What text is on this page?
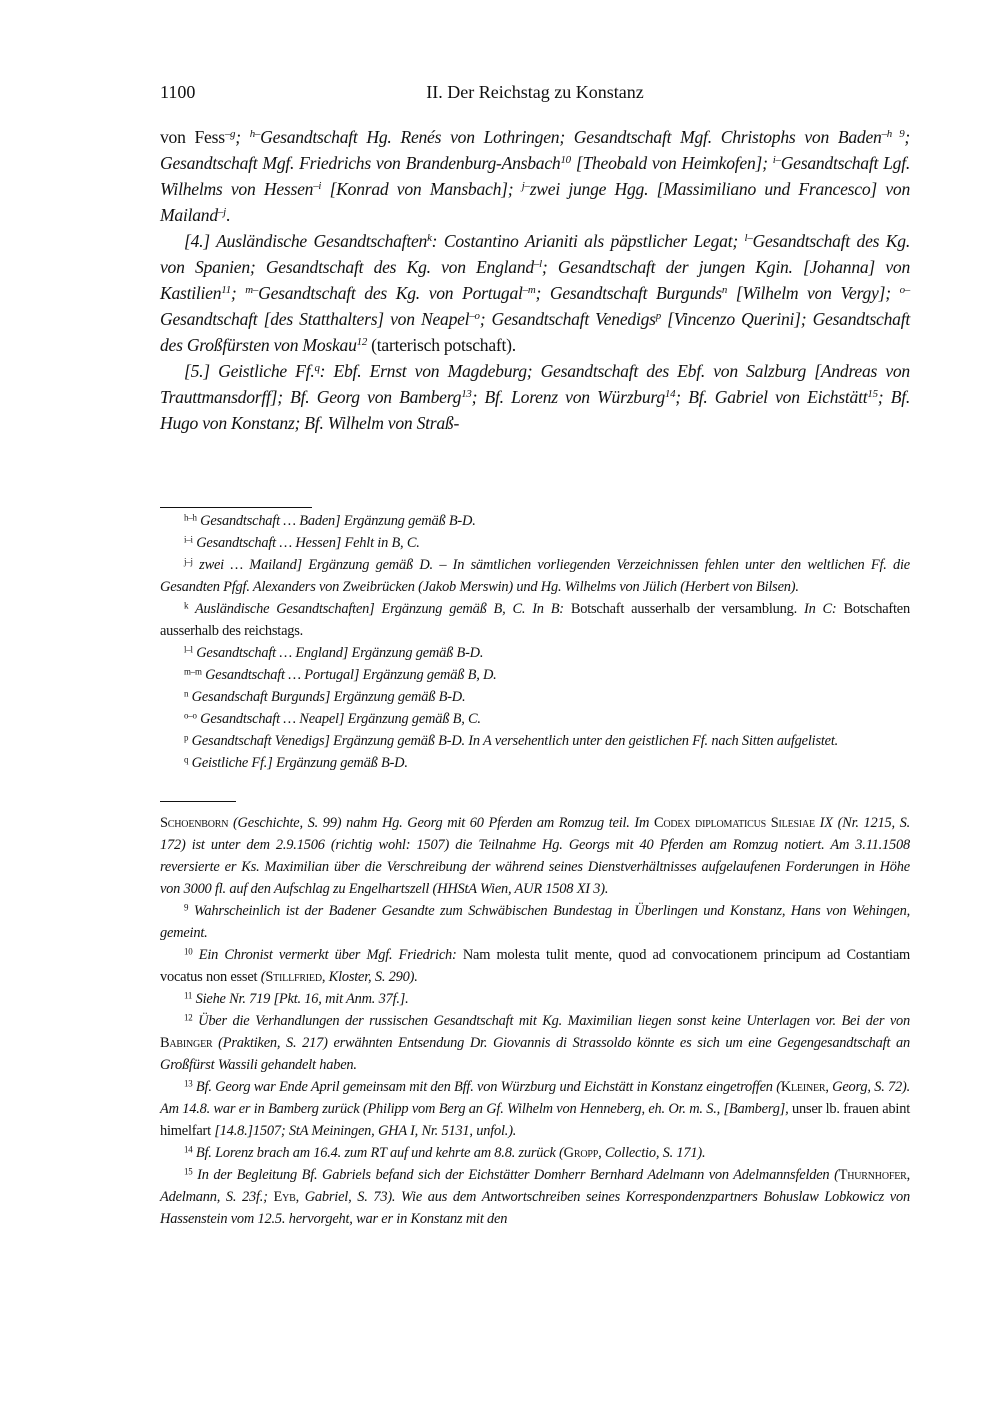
1100	II. Der Reichstag zu Konstanz

von Fess$^{-g}$; $^{h-}$Gesandtschaft Hg. Renés von Lothringen; Gesandtschaft Mgf. Christophs von Baden$^{-h 9}$; Gesandtschaft Mgf. Friedrichs von Brandenburg-Ansbach$^{10}$ [Theobald von Heimkofen]; $^{i-}$Gesandtschaft Lgf. Wilhelms von Hessen$^{-i}$ [Konrad von Mansbach]; $^{j-}$zwei junge Hgg. [Massimiliano und Francesco] von Mailand$^{-j}$.

[4.] Ausländische Gesandtschaften$^k$: Costantino Arianiti als päpstlicher Legat; $^{l-}$Gesandtschaft des Kg. von Spanien; Gesandtschaft des Kg. von England$^{-l}$; Gesandtschaft der jungen Kgin. [Johanna] von Kastilien$^{11}$; $^{m-}$Gesandtschaft des Kg. von Portugal$^{-m}$; Gesandtschaft Burgunds$^n$ [Wilhelm von Vergy]; $^{o-}$Gesandtschaft [des Statthalters] von Neapel$^{-o}$; Gesandtschaft Venedigs$^p$ [Vincenzo Querini]; Gesandtschaft des Großfürsten von Moskau$^{12}$ (tarterisch potschaft).

[5.] Geistliche Ff.$^q$: Ebf. Ernst von Magdeburg; Gesandtschaft des Ebf. von Salzburg [Andreas von Trauttmansdorff]; Bf. Georg von Bamberg$^{13}$; Bf. Lorenz von Würzburg$^{14}$; Bf. Gabriel von Eichstätt$^{15}$; Bf. Hugo von Konstanz; Bf. Wilhelm von Straß-

$^{h-h}$ Gesandtschaft … Baden] Ergänzung gemäß B-D.

$^{i-i}$ Gesandtschaft … Hessen] Fehlt in B, C.

$^{j-j}$ zwei … Mailand] Ergänzung gemäß D. – In sämtlichen vorliegenden Verzeichnissen fehlen unter den weltlichen Ff. die Gesandten Pfgf. Alexanders von Zweibrücken (Jakob Merswin) und Hg. Wilhelms von Jülich (Herbert von Bilsen).

$^k$ Ausländische Gesandtschaften] Ergänzung gemäß B, C. In B: Botschaft ausserhalb der versamblung. In C: Botschaften ausserhalb des reichstags.

$^{l-l}$ Gesandtschaft … England] Ergänzung gemäß B-D.

$^{m-m}$ Gesandtschaft … Portugal] Ergänzung gemäß B, D.

$^n$ Gesandschaft Burgunds] Ergänzung gemäß B-D.

$^{o-o}$ Gesandtschaft … Neapel] Ergänzung gemäß B, C.

$^p$ Gesandtschaft Venedigs] Ergänzung gemäß B-D. In A versehentlich unter den geistlichen Ff. nach Sitten aufgelistet.

$^q$ Geistliche Ff.] Ergänzung gemäß B-D.

Schoenborn (Geschichte, S. 99) nahm Hg. Georg mit 60 Pferden am Romzug teil. Im Codex diplomaticus Silesiae IX (Nr. 1215, S. 172) ist unter dem 2.9.1506 (richtig wohl: 1507) die Teilnahme Hg. Georgs mit 40 Pferden am Romzug notiert. Am 3.11.1508 reversierte er Ks. Maximilian über die Verschreibung der während seines Dienstverhältnisses aufgelaufenen Forderungen in Höhe von 3000 fl. auf den Aufschlag zu Engelhartszell (HHStA Wien, AUR 1508 XI 3).

$^9$ Wahrscheinlich ist der Badener Gesandte zum Schwäbischen Bundestag in Überlingen und Konstanz, Hans von Wehingen, gemeint.

$^{10}$ Ein Chronist vermerkt über Mgf. Friedrich: Nam molesta tulit mente, quod ad convocationem principum ad Costantiam vocatus non esset (Stillfried, Kloster, S. 290).

$^{11}$ Siehe Nr. 719 [Pkt. 16, mit Anm. 37f.].

$^{12}$ Über die Verhandlungen der russischen Gesandtschaft mit Kg. Maximilian liegen sonst keine Unterlagen vor. Bei der von Babinger (Praktiken, S. 217) erwähnten Entsendung Dr. Giovannis di Strassoldo könnte es sich um eine Gegengesandtschaft an Großfürst Wassili gehandelt haben.

$^{13}$ Bf. Georg war Ende April gemeinsam mit den Bff. von Würzburg und Eichstätt in Konstanz eingetroffen (Kleiner, Georg, S. 72). Am 14.8. war er in Bamberg zurück (Philipp vom Berg an Gf. Wilhelm von Henneberg, eh. Or. m. S., [Bamberg], unser lb. frauen abint himelfart [14.8.]1507; StA Meiningen, GHA I, Nr. 5131, unfol.).

$^{14}$ Bf. Lorenz brach am 16.4. zum RT auf und kehrte am 8.8. zurück (Gropp, Collectio, S. 171).

$^{15}$ In der Begleitung Bf. Gabriels befand sich der Eichstätter Domherr Bernhard Adelmann von Adelmannsfelden (Thurnhofer, Adelmann, S. 23f.; Eyb, Gabriel, S. 73). Wie aus dem Antwortschreiben seines Korrespondenzpartners Bohuslaw Lobkowicz von Hassenstein vom 12.5. hervorgeht, war er in Konstanz mit den
